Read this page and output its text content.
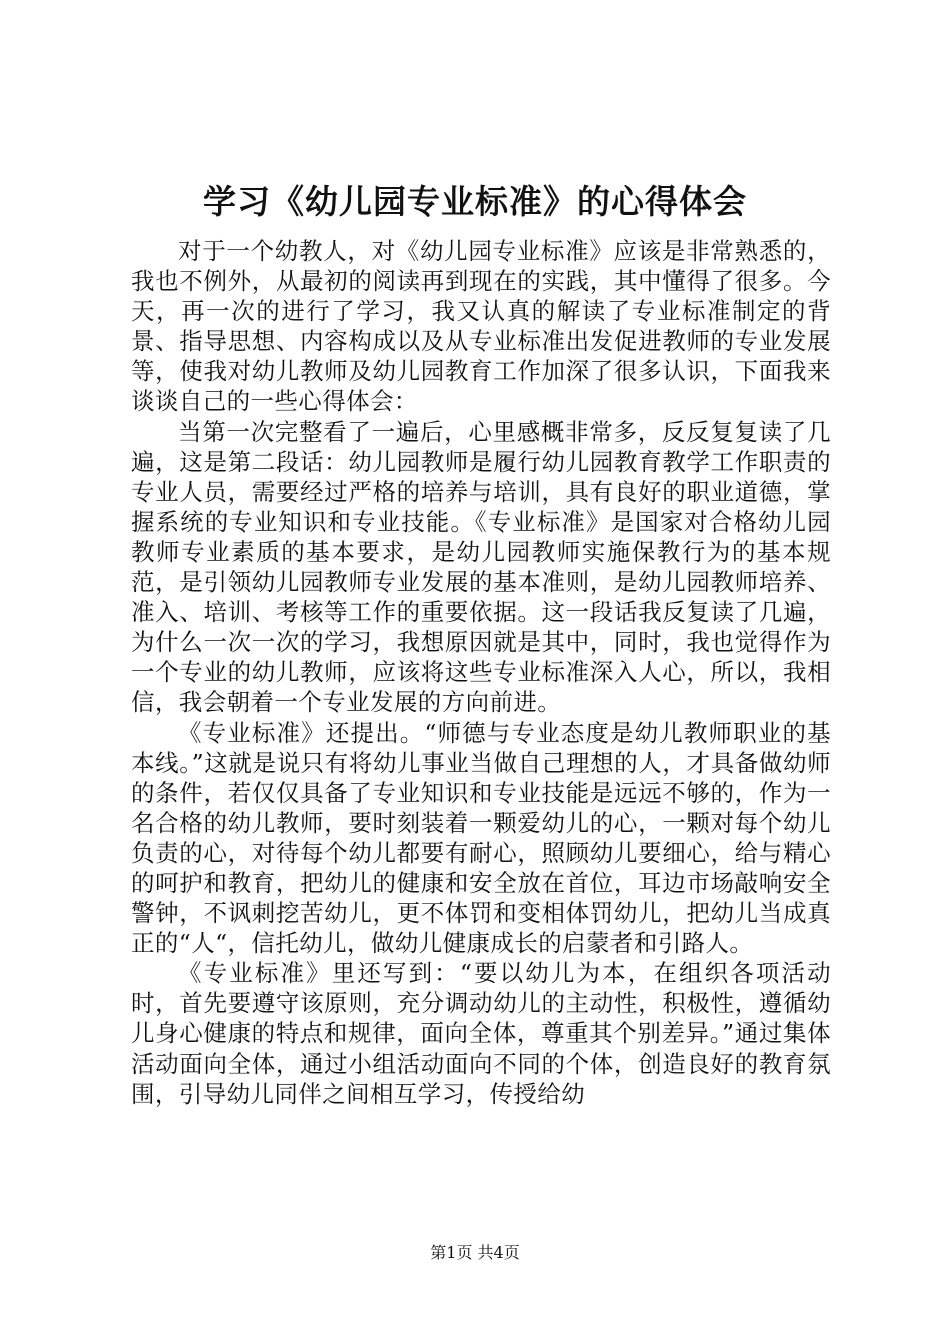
学习《幼儿园专业标准》的心得体会

对于一个幼教人，对《幼儿园专业标准》应该是非常熟悉的，我也不例外，从最初的阅读再到现在的实践，其中懂得了很多。今天，再一次的进行了学习，我又认真的解读了专业标准制定的背景、指导思想、内容构成以及从专业标准出发促进教师的专业发展等，使我对幼儿教师及幼儿园教育工作加深了很多认识，下面我来谈谈自己的一些心得体会：

当第一次完整看了一遍后，心里感概非常多，反反复复读了几遍，这是第二段话：幼儿园教师是履行幼儿园教育教学工作职责的专业人员，需要经过严格的培养与培训，具有良好的职业道德，掌握系统的专业知识和专业技能。《专业标准》是国家对合格幼儿园教师专业素质的基本要求，是幼儿园教师实施保教行为的基本规范，是引领幼儿园教师专业发展的基本准则，是幼儿园教师培养、准入、培训、考核等工作的重要依据。这一段话我反复读了几遍，为什么一次一次的学习，我想原因就是其中，同时，我也觉得作为一个专业的幼儿教师，应该将这些专业标准深入人心，所以，我相信，我会朝着一个专业发展的方向前进。

《专业标准》还提出。“师德与专业态度是幼儿教师职业的基本线。”这就是说只有将幼儿事业当做自己理想的人，才具备做幼师的条件，若仅仅具备了专业知识和专业技能是远远不够的，作为一名合格的幼儿教师，要时刻装着一颗爱幼儿的心，一颗对每个幼儿负责的心，对待每个幼儿都要有耐心，照顾幼儿要细心，给与精心的呵护和教育，把幼儿的健康和安全放在首位，耳边市场敲响安全警钟，不讽刺挖苦幼儿，更不体罚和变相体罚幼儿，把幼儿当成真正的“人“，信托幼儿，做幼儿健康成长的启蒙者和引路人。

《专业标准》里还写到：“要以幼儿为本，在组织各项活动时，首先要遵守该原则，充分调动幼儿的主动性，积极性，遵循幼儿身心健康的特点和规律，面向全体，尊重其个别差异。”通过集体活动面向全体，通过小组活动面向不同的个体，创造良好的教育氛围，引导幼儿同伴之间相互学习，传授给幼

第1页 共4页
